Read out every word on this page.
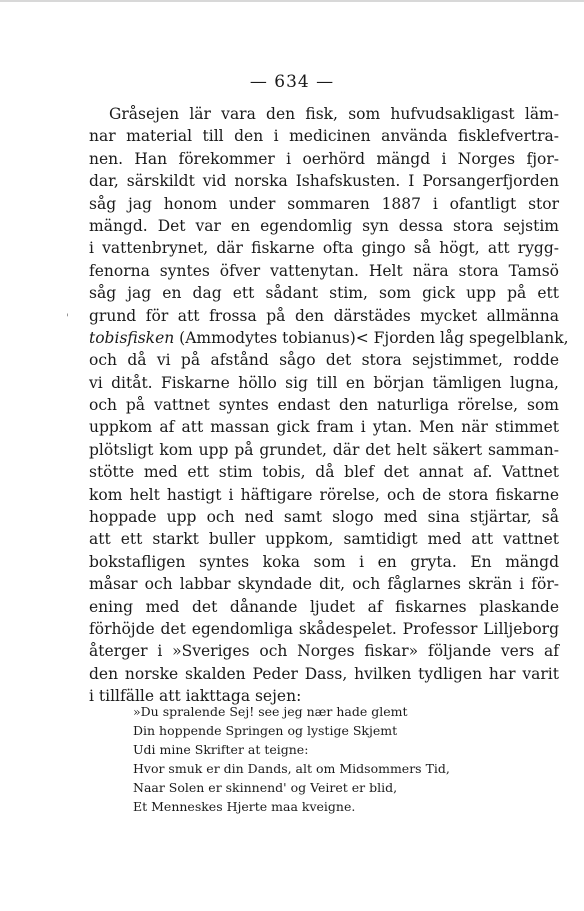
— 634 —
'
Gråsejen lär vara den fisk, som hufvudsakligast läm-
nar material till den i medicinen använda fisklefvertra-
nen. Han förekommer i oerhörd mängd i Norges fjor-
dar, särskildt vid norska Ishafskusten. I Porsangerfjorden
såg jag honom under sommaren 1887 i ofantligt stor
mängd. Det var en egendomlig syn dessa stora sejstim
i vattenbrynet, där fiskarne ofta gingo så högt, att rygg-
fenorna syntes öfver vattenytan. Helt nära stora Tamsö
såg jag en dag ett sådant stim, som gick upp på ett
grund för att frossa på den därstädes mycket allmänna
tobisfisken (Ammodytes tobianus)< Fjorden låg spegelblank,
och då vi på afstånd sågo det stora sejstimmet, rodde
vi ditåt. Fiskarne höllo sig till en början tämligen lugna,
och på vattnet syntes endast den naturliga rörelse, som
uppkom af att massan gick fram i ytan. Men när stimmet
plötsligt kom upp på grundet, där det helt säkert samman-
stötte med ett stim tobis, då blef det annat af. Vattnet
kom helt hastigt i häftigare rörelse, och de stora fiskarne
hoppade upp och ned samt slogo med sina stjärtar, så
att ett starkt buller uppkom, samtidigt med att vattnet
bokstafligen syntes koka som i en gryta. En mängd
måsar och labbar skyndade dit, och fåglarnes skrän i för-
ening med det dånande ljudet af fiskarnes plaskande
förhöjde det egendomliga skådespelet. Professor Lilljeborg
återger i »Sveriges och Norges fiskar» följande vers af
den norske skalden Peder Dass, hvilken tydligen har varit
i tillfälle att iakttaga sejen:
»Du spralende Sej! see jeg nær hade glemt
Din hoppende Springen og lystige Skjemt
Udi mine Skrifter at teigne:
Hvor smuk er din Dands, alt om Midsommers Tid,
Naar Solen er skinnend' og Veiret er blid,
Et Menneskes Hjerte maa kveigne.
